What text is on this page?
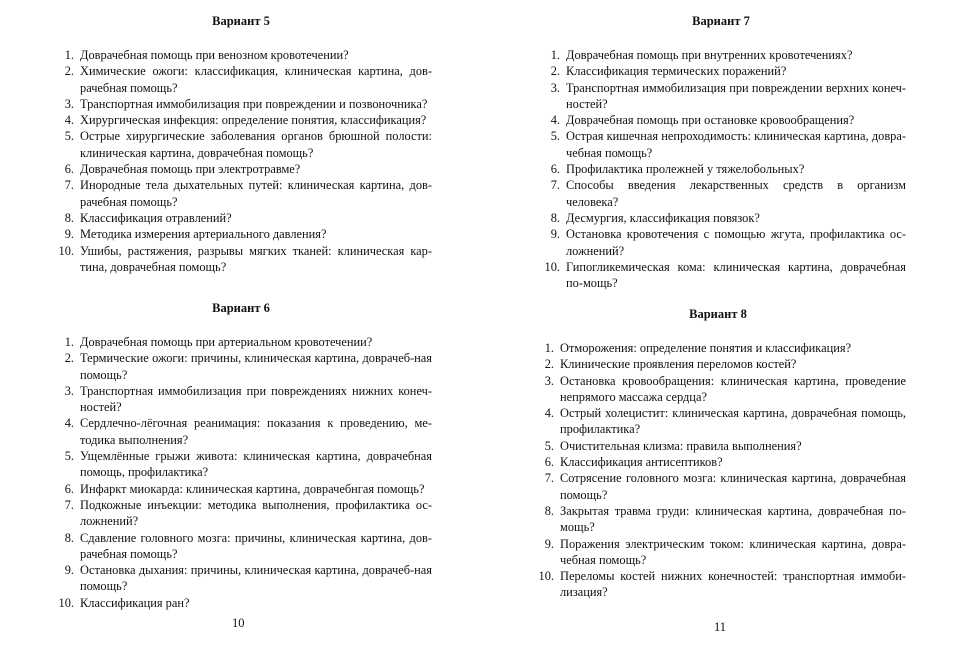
Вариант 5
1. Доврачебная помощь при венозном кровотечении?
2. Химические ожоги: классификация, клиническая картина, дов-рачебная помощь?
3. Транспортная иммобилизация при повреждении и позвоночника?
4. Хирургическая инфекция: определение понятия, классификация?
5. Острые хирургические заболевания органов брюшной полости: клиническая картина, доврачебная помощь?
6. Доврачебная помощь при электротравме?
7. Инородные тела дыхательных путей: клиническая картина, дов-рачебная помощь?
8. Классификация отравлений?
9. Методика измерения артериального давления?
10. Ушибы, растяжения, разрывы мягких тканей: клиническая кар-тина, доврачебная помощь?
Вариант 6
1. Доврачебная помощь при артериальном кровотечении?
2. Термические ожоги: причины, клиническая картина, доврачеб-ная помощь?
3. Транспортная иммобилизация при повреждениях нижних конеч-ностей?
4. Сердлечно-лёгочная реанимация: показания к проведению, ме-тодика выполнения?
5. Ущемлённые грыжи живота: клиническая картина, доврачебная помощь, профилактика?
6. Инфаркт миокарда: клиническая картина, доврачебнгая помощь?
7. Подкожные инъекции: методика выполнения, профилактика ос-ложнений?
8. Сдавление головного мозга: причины, клиническая картина, дов-рачебная помощь?
9. Остановка дыхания: причины, клиническая картина, доврачеб-ная помощь?
10. Классификация ран?
10
Вариант 7
1. Доврачебная помощь при внутренних кровотечениях?
2. Классификация термических поражений?
3. Транспортная иммобилизация при повреждении верхних конеч-ностей?
4. Доврачебная помощь при остановке кровообращения?
5. Острая кишечная непроходимость: клиническая картина, довра-чебная помощь?
6. Профилактика пролежней у тяжелобольных?
7. Способы введения лекарственных средств в организм человека?
8. Десмургия, классификация повязок?
9. Остановка кровотечения с помощью жгута, профилактика ос-ложнений?
10. Гипогликемическая кома: клиническая картина, доврачебная по-мощь?
Вариант 8
1. Отморожения: определение понятия и классификация?
2. Клинические проявления переломов костей?
3. Остановка кровообращения: клиническая картина, проведение непрямого массажа сердца?
4. Острый холецистит: клиническая картина, доврачебная помощь, профилактика?
5. Очистительная клизма: правила выполнения?
6. Классификация антисептиков?
7. Сотрясение головного мозга: клиническая картина, доврачебная помощь?
8. Закрытая травма груди: клиническая картина, доврачебная по-мощь?
9. Поражения электрическим током: клиническая картина, довра-чебная помощь?
10. Переломы костей нижних конечностей: транспортная иммоби-лизация?
11
